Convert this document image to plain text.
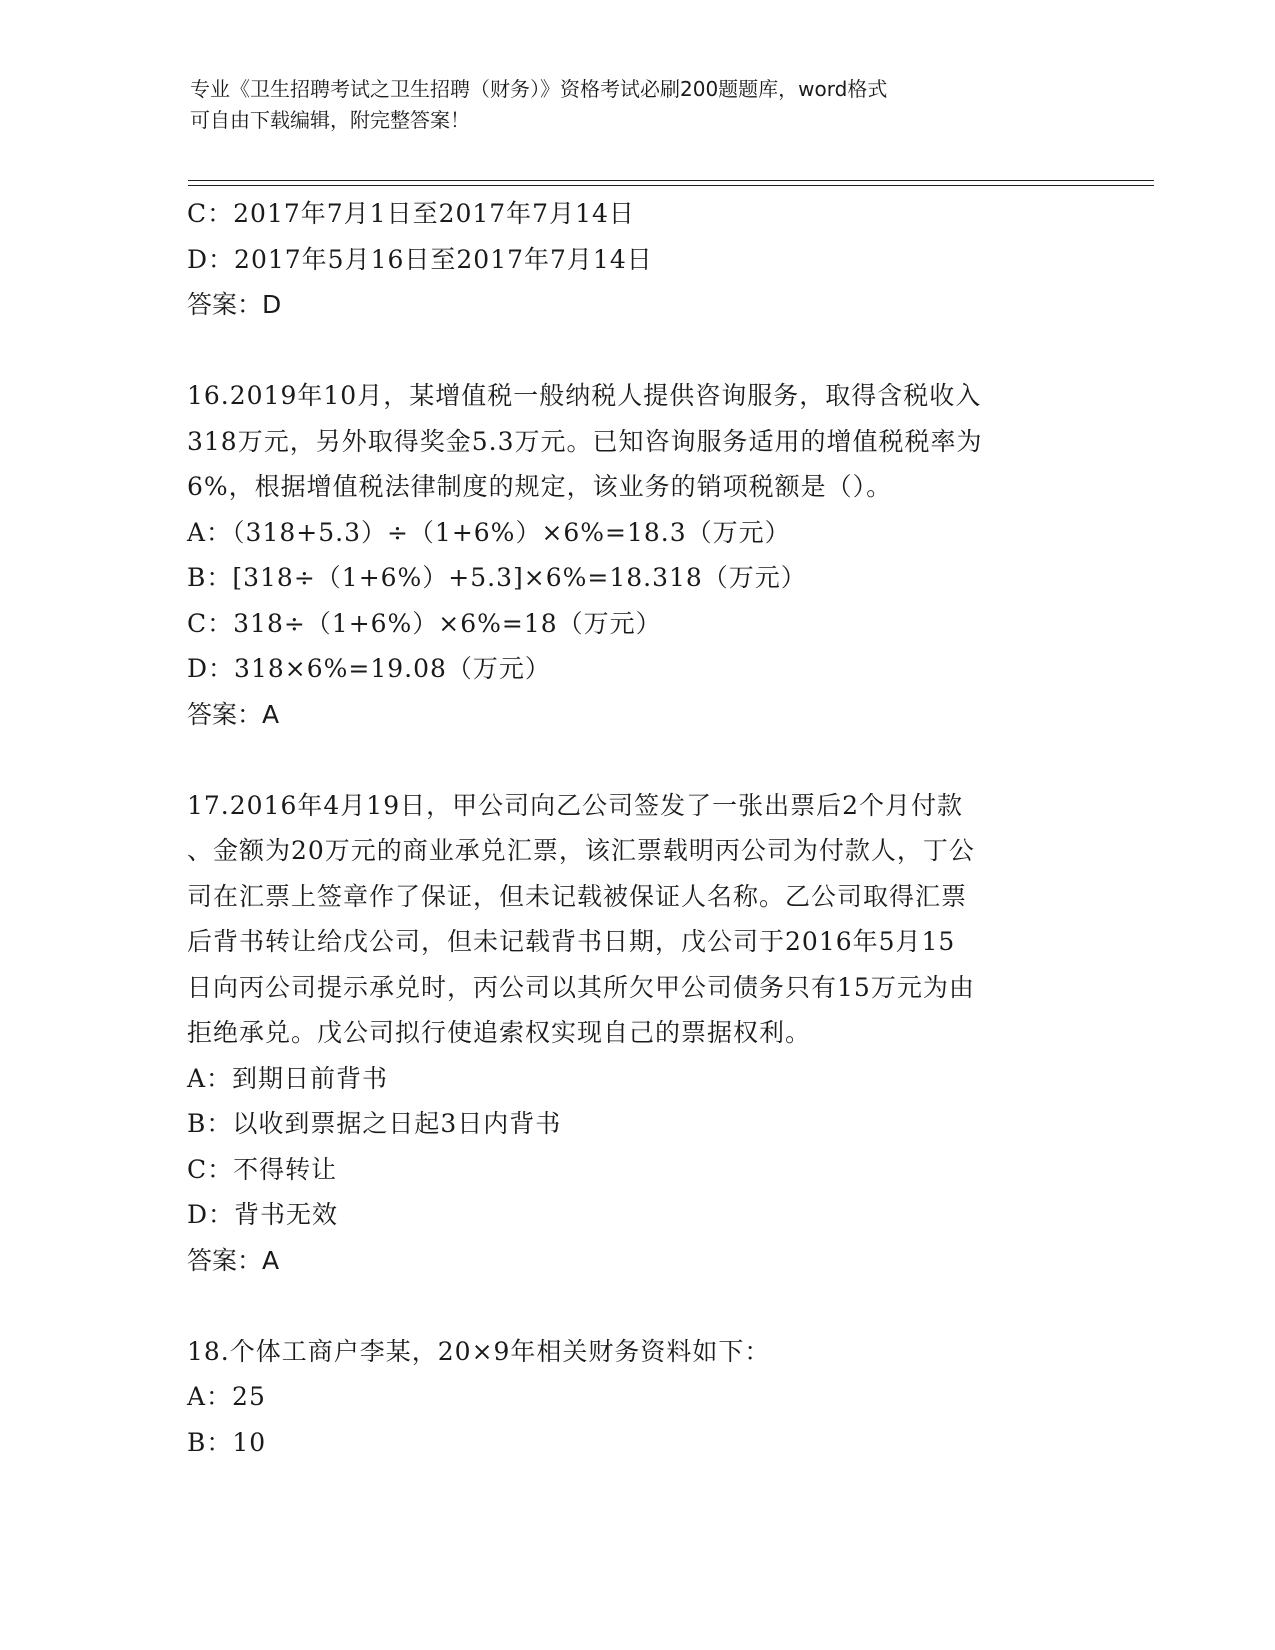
专业《卫生招聘考试之卫生招聘（财务）》资格考试必刷200题题库，word格式
可自由下载编辑，附完整答案！
C：2017年7月1日至2017年7月14日
D：2017年5月16日至2017年7月14日
答案：D
16.2019年10月，某增值税一般纳税人提供咨询服务，取得含税收入
318万元，另外取得奖金5.3万元。已知咨询服务适用的增值税税率为
6%，根据增值税法律制度的规定，该业务的销项税额是（）。
A：（318+5.3）÷（1+6%）×6%=18.3（万元）
B：[318÷（1+6%）+5.3]×6%=18.318（万元）
C：318÷（1+6%）×6%=18（万元）
D：318×6%=19.08（万元）
答案：A
17.2016年4月19日，甲公司向乙公司签发了一张出票后2个月付款
、金额为20万元的商业承兑汇票，该汇票载明丙公司为付款人，丁公
司在汇票上签章作了保证，但未记载被保证人名称。乙公司取得汇票
后背书转让给戊公司，但未记载背书日期，戊公司于2016年5月15
日向丙公司提示承兑时，丙公司以其所欠甲公司债务只有15万元为由
拒绝承兑。戊公司拟行使追索权实现自己的票据权利。
A：到期日前背书
B：以收到票据之日起3日内背书
C：不得转让
D：背书无效
答案：A
18.个体工商户李某，20×9年相关财务资料如下：
A：25
B：10
